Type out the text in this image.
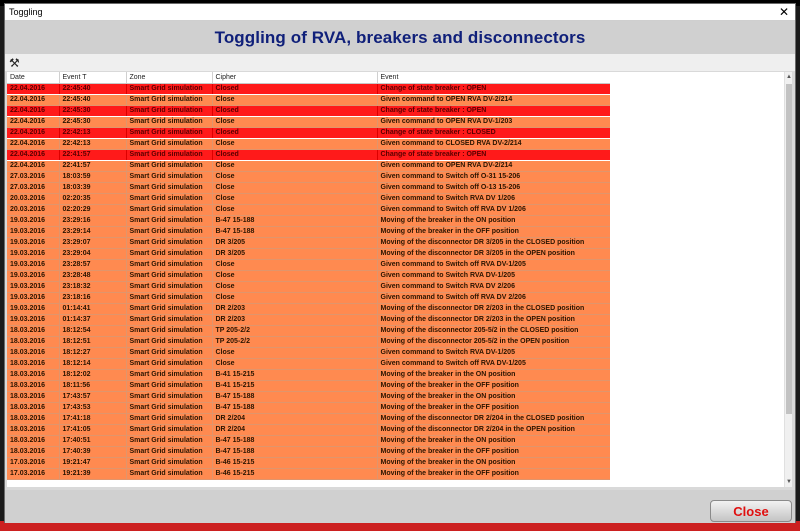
Toggling	✕
Toggling of RVA, breakers and disconnectors
⚒
Date	Event T	Zone	Cipher	Event
22.04.2016	22:45:40	Smart Grid simulation	Closed	Change of state breaker : OPEN
22.04.2016	22:45:40	Smart Grid simulation	Close	Given command to OPEN RVA DV-2/214
22.04.2016	22:45:30	Smart Grid simulation	Closed	Change of state breaker : OPEN
22.04.2016	22:45:30	Smart Grid simulation	Close	Given command to OPEN RVA DV-1/203
22.04.2016	22:42:13	Smart Grid simulation	Closed	Change of state breaker : CLOSED
22.04.2016	22:42:13	Smart Grid simulation	Close	Given command to CLOSED RVA DV-2/214
22.04.2016	22:41:57	Smart Grid simulation	Closed	Change of state breaker : OPEN
22.04.2016	22:41:57	Smart Grid simulation	Close	Given command to OPEN RVA DV-2/214
27.03.2016	18:03:59	Smart Grid simulation	Close	Given command to Switch off O-31 15-206
27.03.2016	18:03:39	Smart Grid simulation	Close	Given command to Switch off O-13 15-206
20.03.2016	02:20:35	Smart Grid simulation	Close	Given command to Switch RVA DV 1/206
20.03.2016	02:20:29	Smart Grid simulation	Close	Given command to Switch off RVA DV 1/206
19.03.2016	23:29:16	Smart Grid simulation	B-47 15-188	Moving of the breaker in the ON position
19.03.2016	23:29:14	Smart Grid simulation	B-47 15-188	Moving of the breaker in the OFF position
19.03.2016	23:29:07	Smart Grid simulation	DR 3/205	Moving of the disconnector DR 3/205 in the CLOSED position
19.03.2016	23:29:04	Smart Grid simulation	DR 3/205	Moving of the disconnector DR 3/205 in the OPEN position
19.03.2016	23:28:57	Smart Grid simulation	Close	Given command to Switch off RVA DV-1/205
19.03.2016	23:28:48	Smart Grid simulation	Close	Given command to Switch RVA DV-1/205
19.03.2016	23:18:32	Smart Grid simulation	Close	Given command to Switch RVA DV 2/206
19.03.2016	23:18:16	Smart Grid simulation	Close	Given command to Switch off RVA DV 2/206
19.03.2016	01:14:41	Smart Grid simulation	DR 2/203	Moving of the disconnector DR 2/203 in the CLOSED position
19.03.2016	01:14:37	Smart Grid simulation	DR 2/203	Moving of the disconnector DR 2/203 in the OPEN position
18.03.2016	18:12:54	Smart Grid simulation	TP 205-2/2	Moving of the disconnector 205-5/2 in the CLOSED position
18.03.2016	18:12:51	Smart Grid simulation	TP 205-2/2	Moving of the disconnector 205-5/2 in the OPEN position
18.03.2016	18:12:27	Smart Grid simulation	Close	Given command to Switch RVA DV-1/205
18.03.2016	18:12:14	Smart Grid simulation	Close	Given command to Switch off RVA DV-1/205
18.03.2016	18:12:02	Smart Grid simulation	B-41 15-215	Moving of the breaker in the ON position
18.03.2016	18:11:56	Smart Grid simulation	B-41 15-215	Moving of the breaker in the OFF position
18.03.2016	17:43:57	Smart Grid simulation	B-47 15-188	Moving of the breaker in the ON position
18.03.2016	17:43:53	Smart Grid simulation	B-47 15-188	Moving of the breaker in the OFF position
18.03.2016	17:41:18	Smart Grid simulation	DR 2/204	Moving of the disconnector DR 2/204 in the CLOSED position
18.03.2016	17:41:05	Smart Grid simulation	DR 2/204	Moving of the disconnector DR 2/204 in the OPEN position
18.03.2016	17:40:51	Smart Grid simulation	B-47 15-188	Moving of the breaker in the ON position
18.03.2016	17:40:39	Smart Grid simulation	B-47 15-188	Moving of the breaker in the OFF position
17.03.2016	19:21:47	Smart Grid simulation	B-46 15-215	Moving of the breaker in the ON position
17.03.2016	19:21:39	Smart Grid simulation	B-46 15-215	Moving of the breaker in the OFF position
▲
▼
Close
